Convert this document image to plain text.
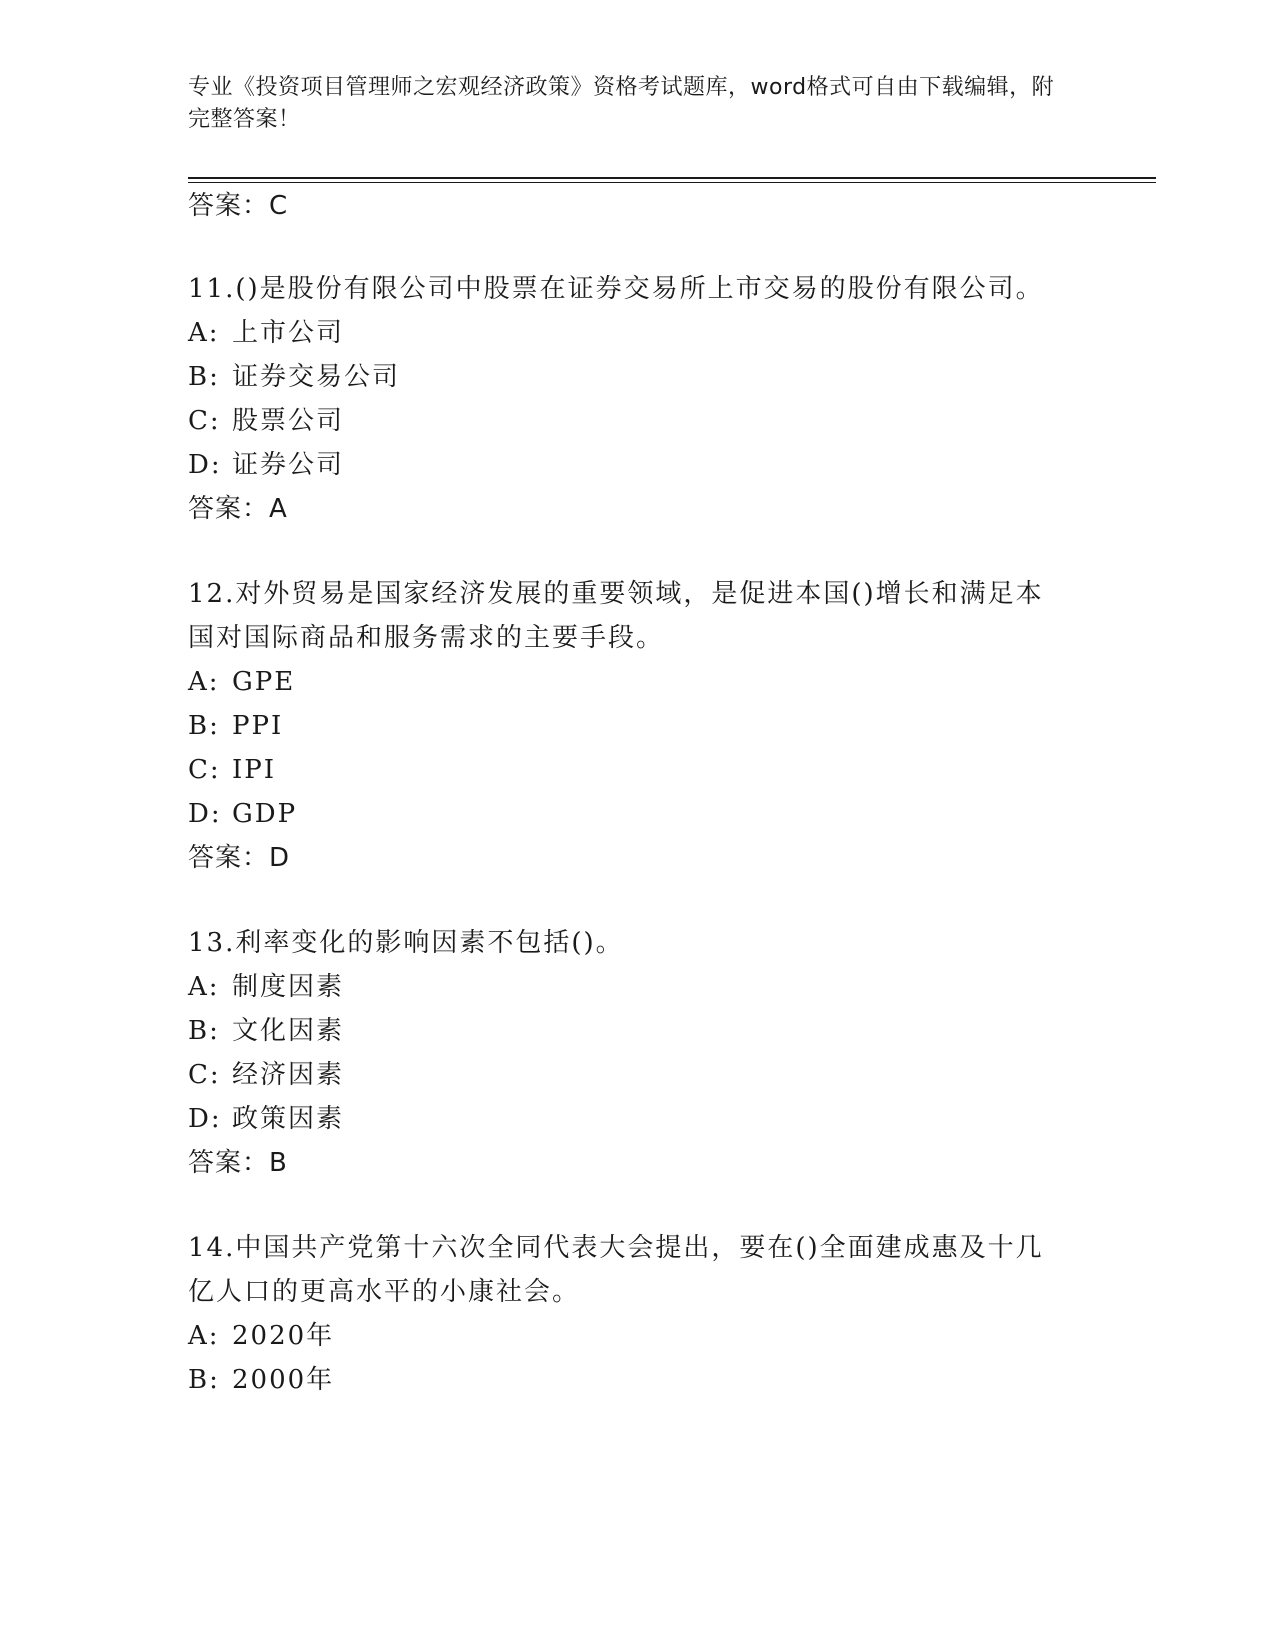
专业《投资项目管理师之宏观经济政策》资格考试题库，word格式可自由下载编辑，附完整答案！
答案：C
11.()是股份有限公司中股票在证券交易所上市交易的股份有限公司。
A: 上市公司
B: 证券交易公司
C: 股票公司
D: 证券公司
答案：A
12.对外贸易是国家经济发展的重要领域，是促进本国()增长和满足本
国对国际商品和服务需求的主要手段。
A: GPE
B: PPI
C: IPI
D: GDP
答案：D
13.利率变化的影响因素不包括()。
A: 制度因素
B: 文化因素
C: 经济因素
D: 政策因素
答案：B
14.中国共产党第十六次全同代表大会提出，要在()全面建成惠及十几
亿人口的更高水平的小康社会。
A: 2020年
B: 2000年
